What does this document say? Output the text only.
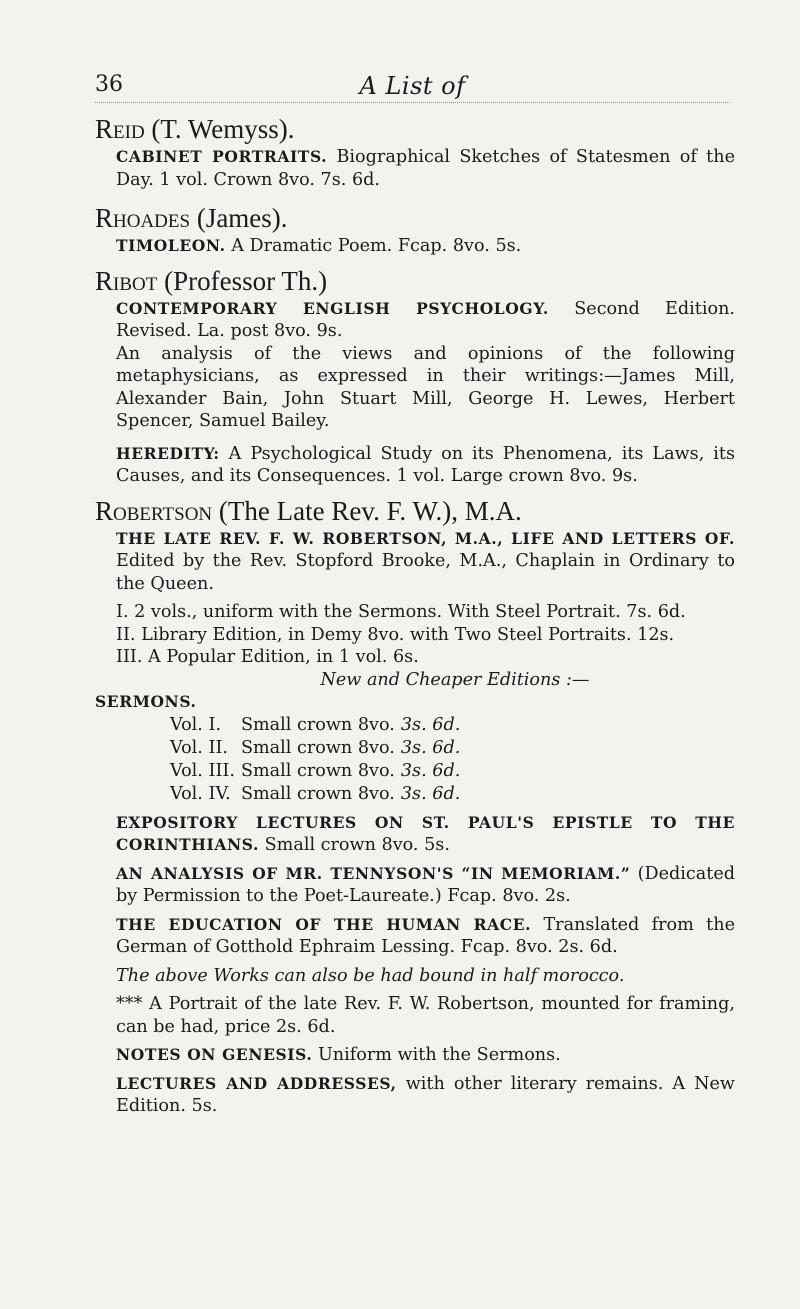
36	A List of

Reid (T. Wemyss).

CABINET PORTRAITS. Biographical Sketches of Statesmen of the Day. 1 vol. Crown 8vo. 7s. 6d.

Rhoades (James).

TIMOLEON. A Dramatic Poem. Fcap. 8vo. 5s.

Ribot (Professor Th.)

CONTEMPORARY ENGLISH PSYCHOLOGY. Second Edition. Revised. La. post 8vo. 9s.

An analysis of the views and opinions of the following metaphysicians, as expressed in their writings:—James Mill, Alexander Bain, John Stuart Mill, George H. Lewes, Herbert Spencer, Samuel Bailey.

HEREDITY: A Psychological Study on its Phenomena, its Laws, its Causes, and its Consequences. 1 vol. Large crown 8vo. 9s.

Robertson (The Late Rev. F. W.), M.A.

THE LATE REV. F. W. ROBERTSON, M.A., LIFE AND LETTERS OF. Edited by the Rev. Stopford Brooke, M.A., Chaplain in Ordinary to the Queen.

I. 2 vols., uniform with the Sermons. With Steel Portrait. 7s. 6d.

II. Library Edition, in Demy 8vo. with Two Steel Portraits. 12s.

III. A Popular Edition, in 1 vol. 6s.

New and Cheaper Editions :—

SERMONS.

Vol. I.	Small crown 8vo.	3s. 6d.
Vol. II.	Small crown 8vo.	3s. 6d.
Vol. III.	Small crown 8vo.	3s. 6d.
Vol. IV.	Small crown 8vo.	3s. 6d.

EXPOSITORY LECTURES ON ST. PAUL'S EPISTLE TO THE CORINTHIANS. Small crown 8vo. 5s.

AN ANALYSIS OF MR. TENNYSON'S “IN MEMORIAM.” (Dedicated by Permission to the Poet-Laureate.) Fcap. 8vo. 2s.

THE EDUCATION OF THE HUMAN RACE. Translated from the German of Gotthold Ephraim Lessing. Fcap. 8vo. 2s. 6d.

The above Works can also be had bound in half morocco.

*** A Portrait of the late Rev. F. W. Robertson, mounted for framing, can be had, price 2s. 6d.

NOTES ON GENESIS. Uniform with the Sermons.

LECTURES AND ADDRESSES, with other literary remains. A New Edition. 5s.
